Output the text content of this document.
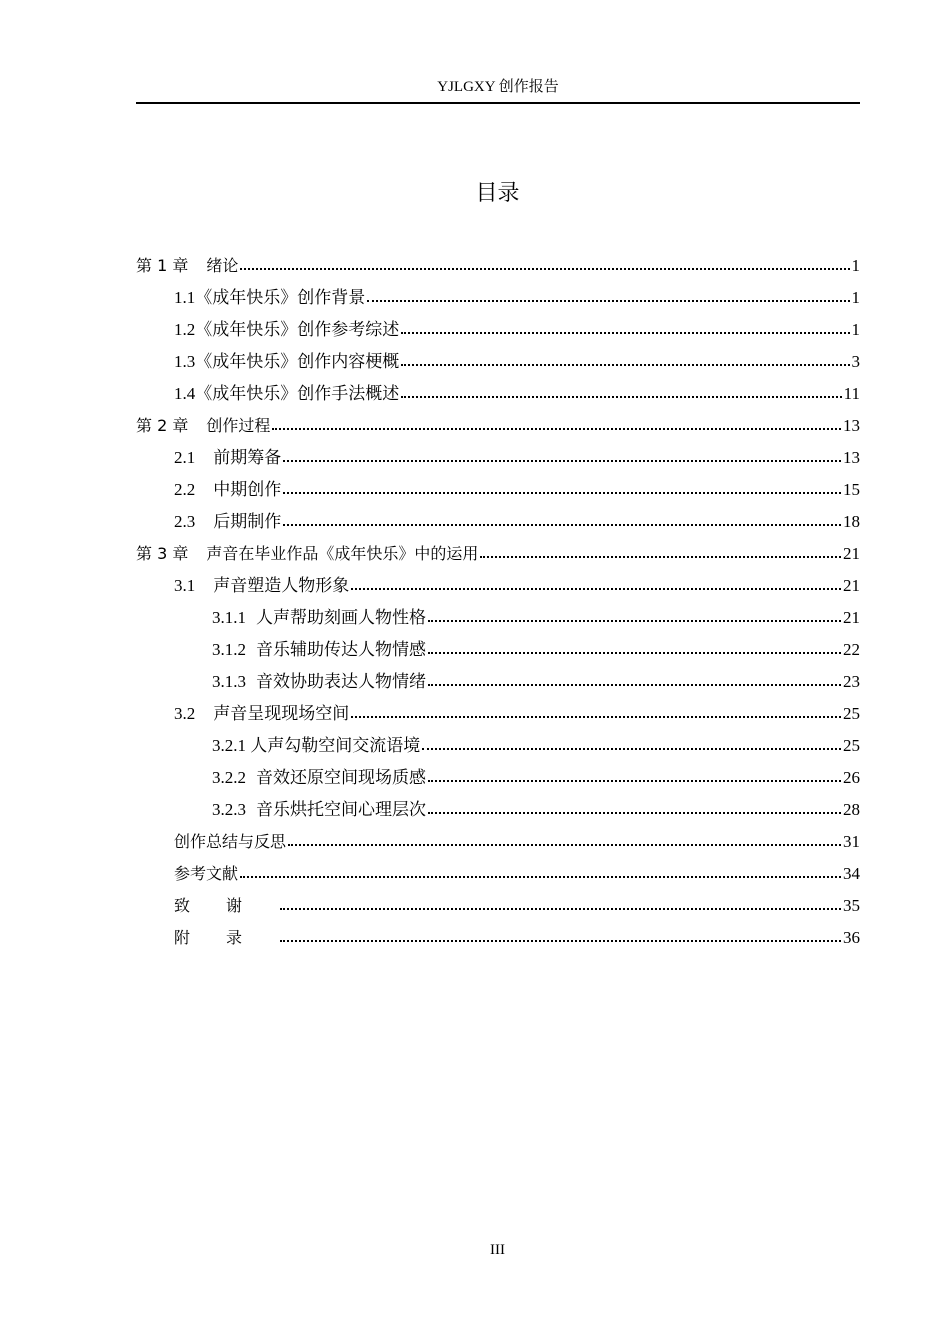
YJLGXY 创作报告
目录
第 1 章 绪论	1
1.1《成年快乐》创作背景	1
1.2《成年快乐》创作参考综述	1
1.3《成年快乐》创作内容梗概	3
1.4《成年快乐》创作手法概述	11
第 2 章 创作过程	13
2.1 前期筹备	13
2.2 中期创作	15
2.3 后期制作	18
第 3 章 声音在毕业作品《成年快乐》中的运用	21
3.1 声音塑造人物形象	21
3.1.1 人声帮助刻画人物性格	21
3.1.2 音乐辅助传达人物情感	22
3.1.3 音效协助表达人物情绪	23
3.2 声音呈现现场空间	25
3.2.1 人声勾勒空间交流语境	25
3.2.2 音效还原空间现场质感	26
3.2.3 音乐烘托空间心理层次	28
创作总结与反思	31
参考文献	34
致谢	35
附录	36
III
